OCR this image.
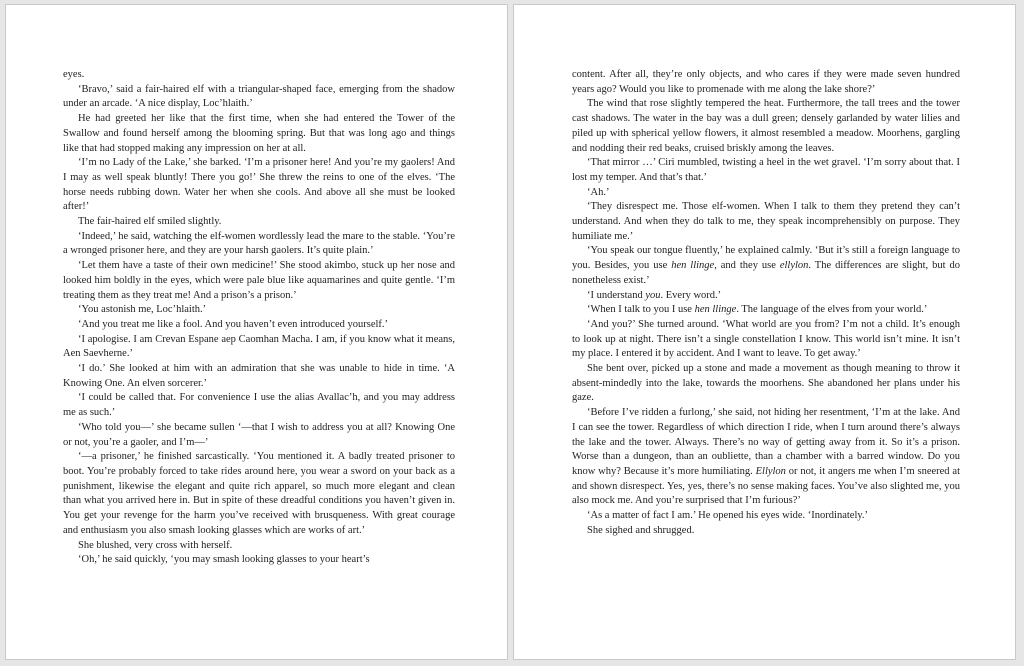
eyes.

‘Bravo,’ said a fair-haired elf with a triangular-shaped face, emerging from the shadow under an arcade. ‘A nice display, Loc’hlaith.’

He had greeted her like that the first time, when she had entered the Tower of the Swallow and found herself among the blooming spring. But that was long ago and things like that had stopped making any impression on her at all.

‘I’m no Lady of the Lake,’ she barked. ‘I’m a prisoner here! And you’re my gaolers! And I may as well speak bluntly! There you go!’ She threw the reins to one of the elves. ‘The horse needs rubbing down. Water her when she cools. And above all she must be looked after!’

The fair-haired elf smiled slightly.

‘Indeed,’ he said, watching the elf-women wordlessly lead the mare to the stable. ‘You’re a wronged prisoner here, and they are your harsh gaolers. It’s quite plain.’

‘Let them have a taste of their own medicine!’ She stood akimbo, stuck up her nose and looked him boldly in the eyes, which were pale blue like aquamarines and quite gentle. ‘I’m treating them as they treat me! And a prison’s a prison.’

‘You astonish me, Loc’hlaith.’

‘And you treat me like a fool. And you haven’t even introduced yourself.’

‘I apologise. I am Crevan Espane aep Caomhan Macha. I am, if you know what it means, Aen Saevherne.’

‘I do.’ She looked at him with an admiration that she was unable to hide in time. ‘A Knowing One. An elven sorcerer.’

‘I could be called that. For convenience I use the alias Avallac’h, and you may address me as such.’

‘Who told you—’ she became sullen ‘—that I wish to address you at all? Knowing One or not, you’re a gaoler, and I’m—’

‘—a prisoner,’ he finished sarcastically. ‘You mentioned it. A badly treated prisoner to boot. You’re probably forced to take rides around here, you wear a sword on your back as a punishment, likewise the elegant and quite rich apparel, so much more elegant and clean than what you arrived here in. But in spite of these dreadful conditions you haven’t given in. You get your revenge for the harm you’ve received with brusqueness. With great courage and enthusiasm you also smash looking glasses which are works of art.’

She blushed, very cross with herself.

‘Oh,’ he said quickly, ‘you may smash looking glasses to your heart’s

content. After all, they’re only objects, and who cares if they were made seven hundred years ago? Would you like to promenade with me along the lake shore?’

The wind that rose slightly tempered the heat. Furthermore, the tall trees and the tower cast shadows. The water in the bay was a dull green; densely garlanded by water lilies and piled up with spherical yellow flowers, it almost resembled a meadow. Moorhens, gargling and nodding their red beaks, cruised briskly among the leaves.

‘That mirror …’ Ciri mumbled, twisting a heel in the wet gravel. ‘I’m sorry about that. I lost my temper. And that’s that.’

‘Ah.’

‘They disrespect me. Those elf-women. When I talk to them they pretend they can’t understand. And when they do talk to me, they speak incomprehensibly on purpose. They humiliate me.’

‘You speak our tongue fluently,’ he explained calmly. ‘But it’s still a foreign language to you. Besides, you use hen llinge, and they use ellylon. The differences are slight, but do nonetheless exist.’

‘I understand you. Every word.’

‘When I talk to you I use hen llinge. The language of the elves from your world.’

‘And you?’ She turned around. ‘What world are you from? I’m not a child. It’s enough to look up at night. There isn’t a single constellation I know. This world isn’t mine. It isn’t my place. I entered it by accident. And I want to leave. To get away.’

She bent over, picked up a stone and made a movement as though meaning to throw it absent-mindedly into the lake, towards the moorhens. She abandoned her plans under his gaze.

‘Before I’ve ridden a furlong,’ she said, not hiding her resentment, ‘I’m at the lake. And I can see the tower. Regardless of which direction I ride, when I turn around there’s always the lake and the tower. Always. There’s no way of getting away from it. So it’s a prison. Worse than a dungeon, than an oubliette, than a chamber with a barred window. Do you know why? Because it’s more humiliating. Ellylon or not, it angers me when I’m sneered at and shown disrespect. Yes, yes, there’s no sense making faces. You’ve also slighted me, you also mock me. And you’re surprised that I’m furious?’

‘As a matter of fact I am.’ He opened his eyes wide. ‘Inordinately.’

She sighed and shrugged.
